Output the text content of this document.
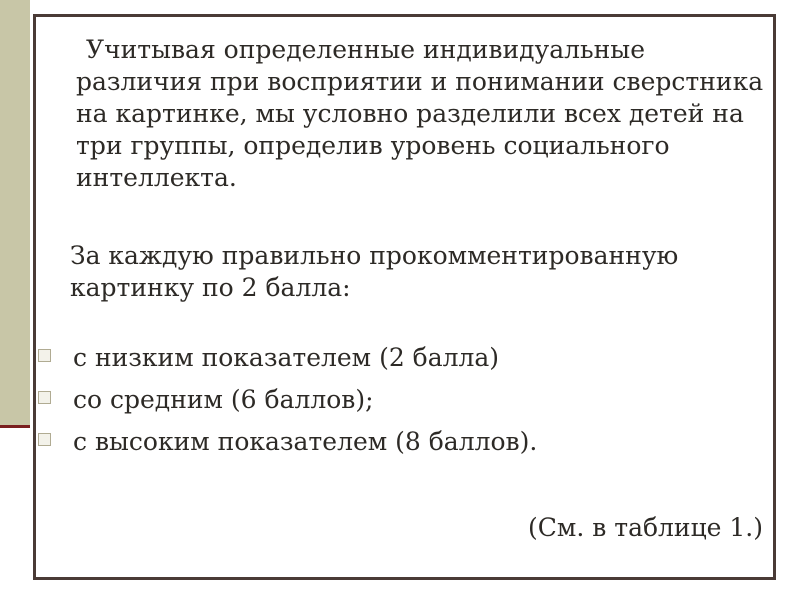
Учитывая определенные индивидуальные различия при восприятии и понимании сверстника на картинке, мы условно разделили всех детей на три группы, определив уровень социального интеллекта.

За каждую правильно прокомментированную картинку по 2 балла:

с низким показателем (2 балла)
со средним (6 баллов);
с высоким показателем (8 баллов).
(См. в таблице 1.)
